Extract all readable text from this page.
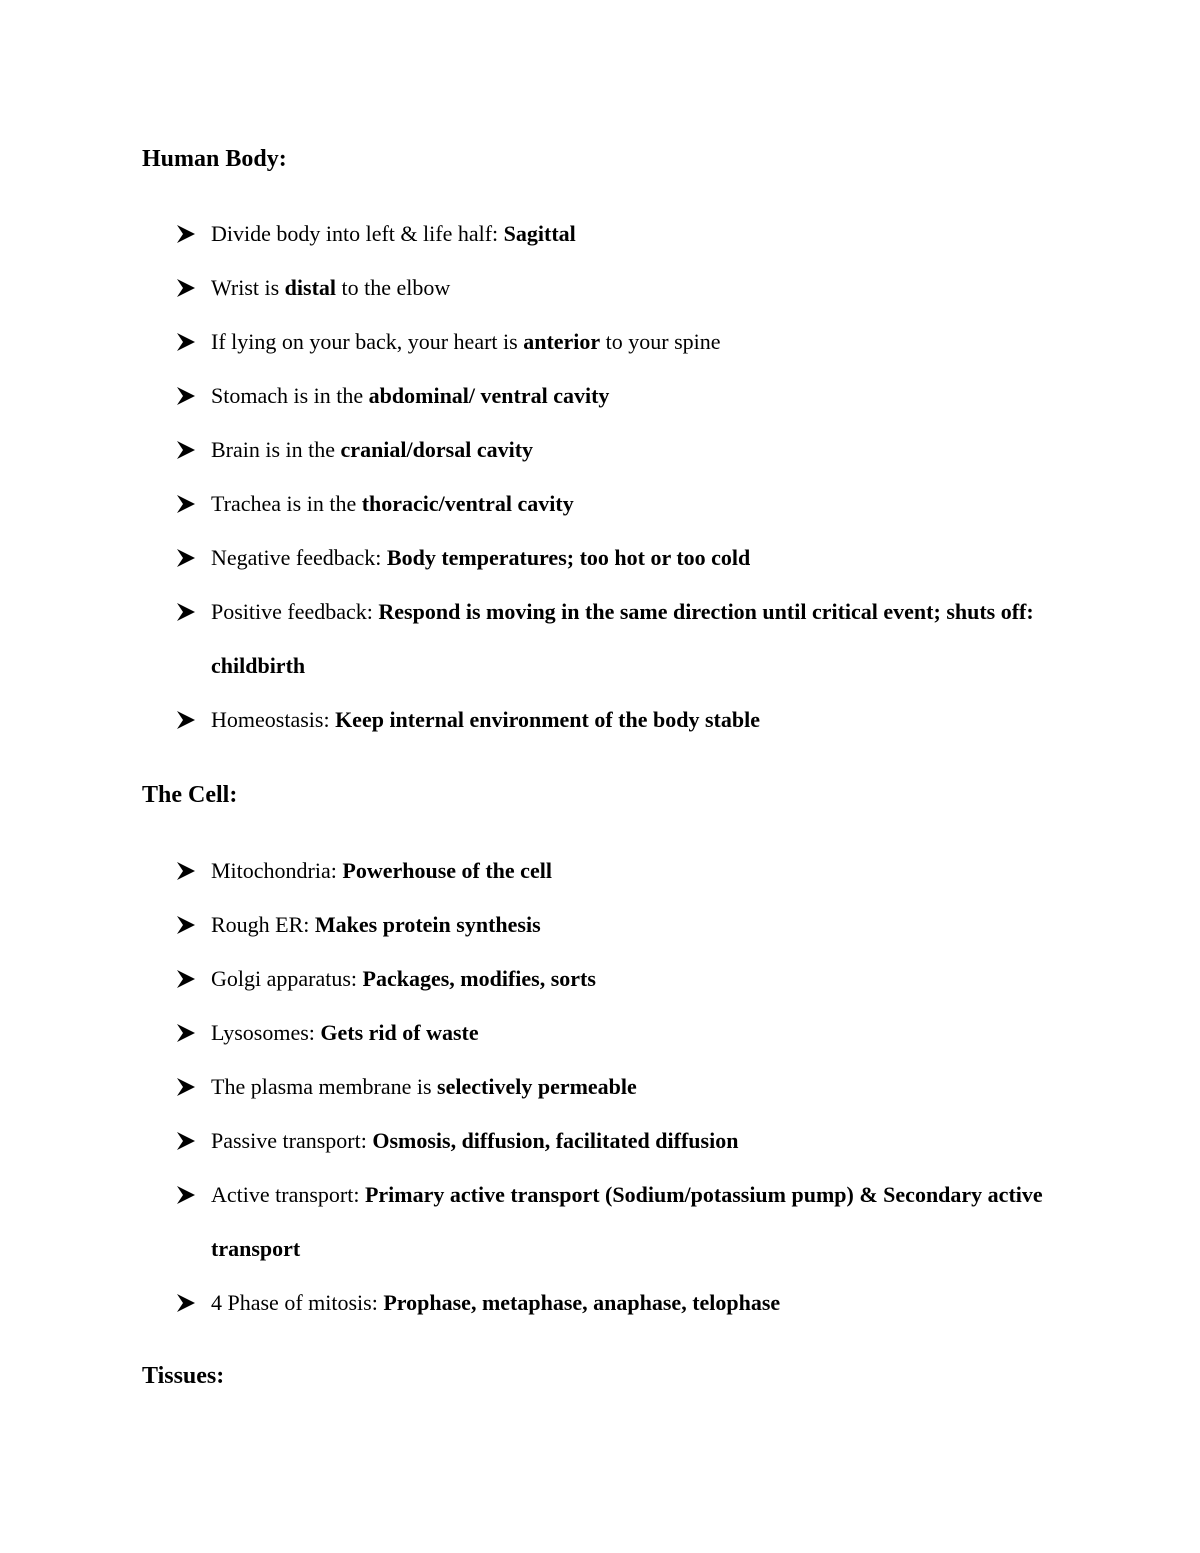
Human Body:
Divide body into left & life half: Sagittal
Wrist is distal to the elbow
If lying on your back, your heart is anterior to your spine
Stomach is in the abdominal/ ventral cavity
Brain is in the cranial/dorsal cavity
Trachea is in the thoracic/ventral cavity
Negative feedback: Body temperatures; too hot or too cold
Positive feedback: Respond is moving in the same direction until critical event; shuts off: childbirth
Homeostasis: Keep internal environment of the body stable
The Cell:
Mitochondria: Powerhouse of the cell
Rough ER: Makes protein synthesis
Golgi apparatus: Packages, modifies, sorts
Lysosomes: Gets rid of waste
The plasma membrane is selectively permeable
Passive transport: Osmosis, diffusion, facilitated diffusion
Active transport: Primary active transport (Sodium/potassium pump) & Secondary active transport
4 Phase of mitosis: Prophase, metaphase, anaphase, telophase
Tissues:
